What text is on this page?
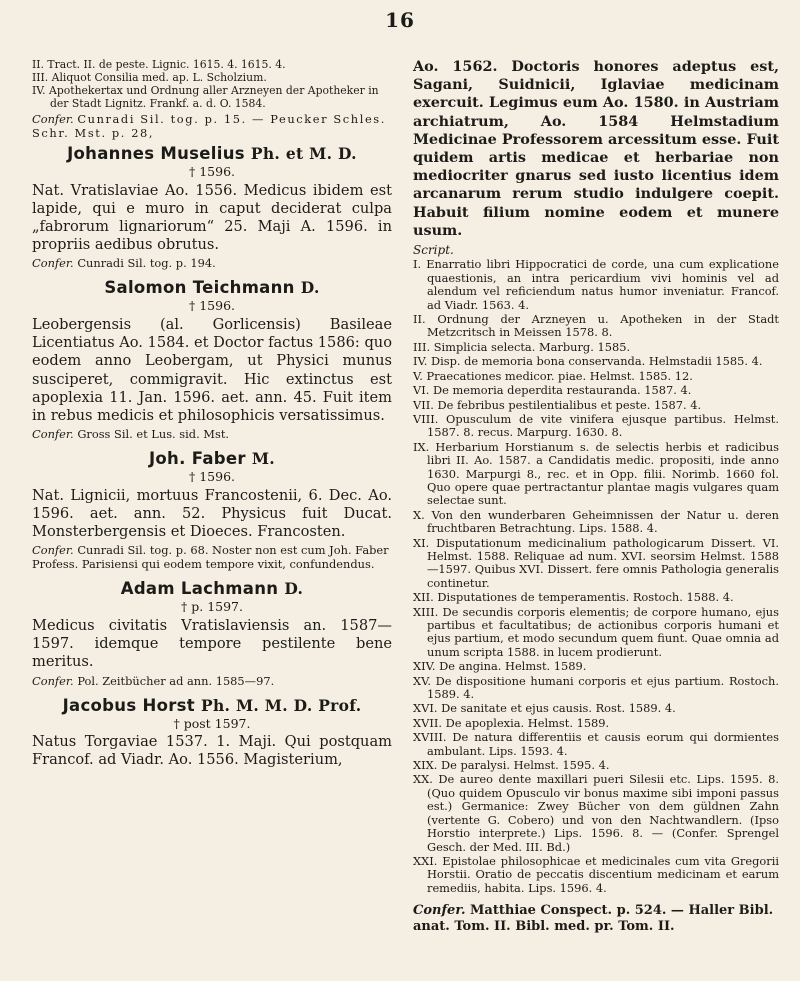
16

II. Tract. II. de peste. Lignic. 1615. 4. 1615. 4.

III. Aliquot Consilia med. ap. L. Scholzium.

IV. Apothekertax und Ordnung aller Arzneyen der Apotheker in der Stadt Lignitz. Frankf. a. d. O. 1584.

Confer. Cunradi Sil. tog. p. 15. — Peucker Schles. Schr. Mst. p. 28,

Johannes Muselius Ph. et M. D.
† 1596.

Nat. Vratislaviae Ao. 1556. Medicus ibidem est lapide, qui e muro in caput deciderat culpa „fabrorum lignariorum“ 25. Maji A. 1596. in propriis aedibus obrutus.

Confer. Cunradi Sil. tog. p. 194.

Salomon Teichmann D.
† 1596.

Leobergensis (al. Gorlicensis) Basileae Licentiatus Ao. 1584. et Doctor factus 1586: quo eodem anno Leobergam, ut Physici munus susciperet, commigravit. Hic extinctus est apoplexia 11. Jan. 1596. aet. ann. 45. Fuit item in rebus medicis et philosophicis versatissimus.

Confer. Gross Sil. et Lus. sid. Mst.

Joh. Faber M.
† 1596.

Nat. Lignicii, mortuus Francostenii, 6. Dec. Ao. 1596. aet. ann. 52. Physicus fuit Ducat. Monsterbergensis et Dioeces. Francosten.

Confer. Cunradi Sil. tog. p. 68. Noster non est cum Joh. Faber Profess. Parisiensi qui eodem tempore vixit, confundendus.

Adam Lachmann D.
† p. 1597.

Medicus civitatis Vratislaviensis an. 1587—1597. idemque tempore pestilente bene meritus.

Confer. Pol. Zeitbücher ad ann. 1585—97.

Jacobus Horst Ph. M. M. D. Prof.
† post 1597.

Natus Torgaviae 1537. 1. Maji. Qui postquam Francof. ad Viadr. Ao. 1556. Magisterium,

Ao. 1562. Doctoris honores adeptus est, Sagani, Suidnicii, Iglaviae medicinam exercuit. Legimus eum Ao. 1580. in Austriam archiatrum, Ao. 1584 Helmstadium Medicinae Professorem arcessitum esse. Fuit quidem artis medicae et herbariae non mediocriter gnarus sed iusto licentius idem arcanarum rerum studio indulgere coepit. Habuit filium nomine eodem et munere usum.

Script.

I. Enarratio libri Hippocratici de corde, una cum explicatione quaestionis, an intra pericardium vivi hominis vel ad alendum vel reficiendum natus humor inveniatur. Francof. ad Viadr. 1563. 4.

II. Ordnung der Arzneyen u. Apotheken in der Stadt Metzcritsch in Meissen 1578. 8.

III. Simplicia selecta. Marburg. 1585.

IV. Disp. de memoria bona conservanda. Helmstadii 1585. 4.

V. Praecationes medicor. piae. Helmst. 1585. 12.

VI. De memoria deperdita restauranda. 1587. 4.

VII. De febribus pestilentialibus et peste. 1587. 4.

VIII. Opusculum de vite vinifera ejusque partibus. Helmst. 1587. 8. recus. Marpurg. 1630. 8.

IX. Herbarium Horstianum s. de selectis herbis et radicibus libri II. Ao. 1587. a Candidatis medic. propositi, inde anno 1630. Marpurgi 8., rec. et in Opp. filii. Norimb. 1660 fol. Quo opere quae pertractantur plantae magis vulgares quam selectae sunt.

X. Von den wunderbaren Geheimnissen der Natur u. deren fruchtbaren Betrachtung. Lips. 1588. 4.

XI. Disputationum medicinalium pathologicarum Dissert. VI. Helmst. 1588. Reliquae ad num. XVI. seorsim Helmst. 1588—1597. Quibus XVI. Dissert. fere omnis Pathologia generalis continetur.

XII. Disputationes de temperamentis. Rostoch. 1588. 4.

XIII. De secundis corporis elementis; de corpore humano, ejus partibus et facultatibus; de actionibus corporis humani et ejus partium, et modo secundum quem fiunt. Quae omnia ad unum scripta 1588. in lucem prodierunt.

XIV. De angina. Helmst. 1589.

XV. De dispositione humani corporis et ejus partium. Rostoch. 1589. 4.

XVI. De sanitate et ejus causis. Rost. 1589. 4.

XVII. De apoplexia. Helmst. 1589.

XVIII. De natura differentiis et causis eorum qui dormientes ambulant. Lips. 1593. 4.

XIX. De paralysi. Helmst. 1595. 4.

XX. De aureo dente maxillari pueri Silesii etc. Lips. 1595. 8. (Quo quidem Opusculo vir bonus maxime sibi imponi passus est.) Germanice: Zwey Bücher von dem güldnen Zahn (vertente G. Cobero) und von den Nachtwandlern. (Ipso Horstio interprete.) Lips. 1596. 8. — (Confer. Sprengel Gesch. der Med. III. Bd.)

XXI. Epistolae philosophicae et medicinales cum vita Gregorii Horstii. Oratio de peccatis discentium medicinam et earum remediis, habita. Lips. 1596. 4.

Confer. Matthiae Conspect. p. 524. — Haller Bibl. anat. Tom. II. Bibl. med. pr. Tom. II.
